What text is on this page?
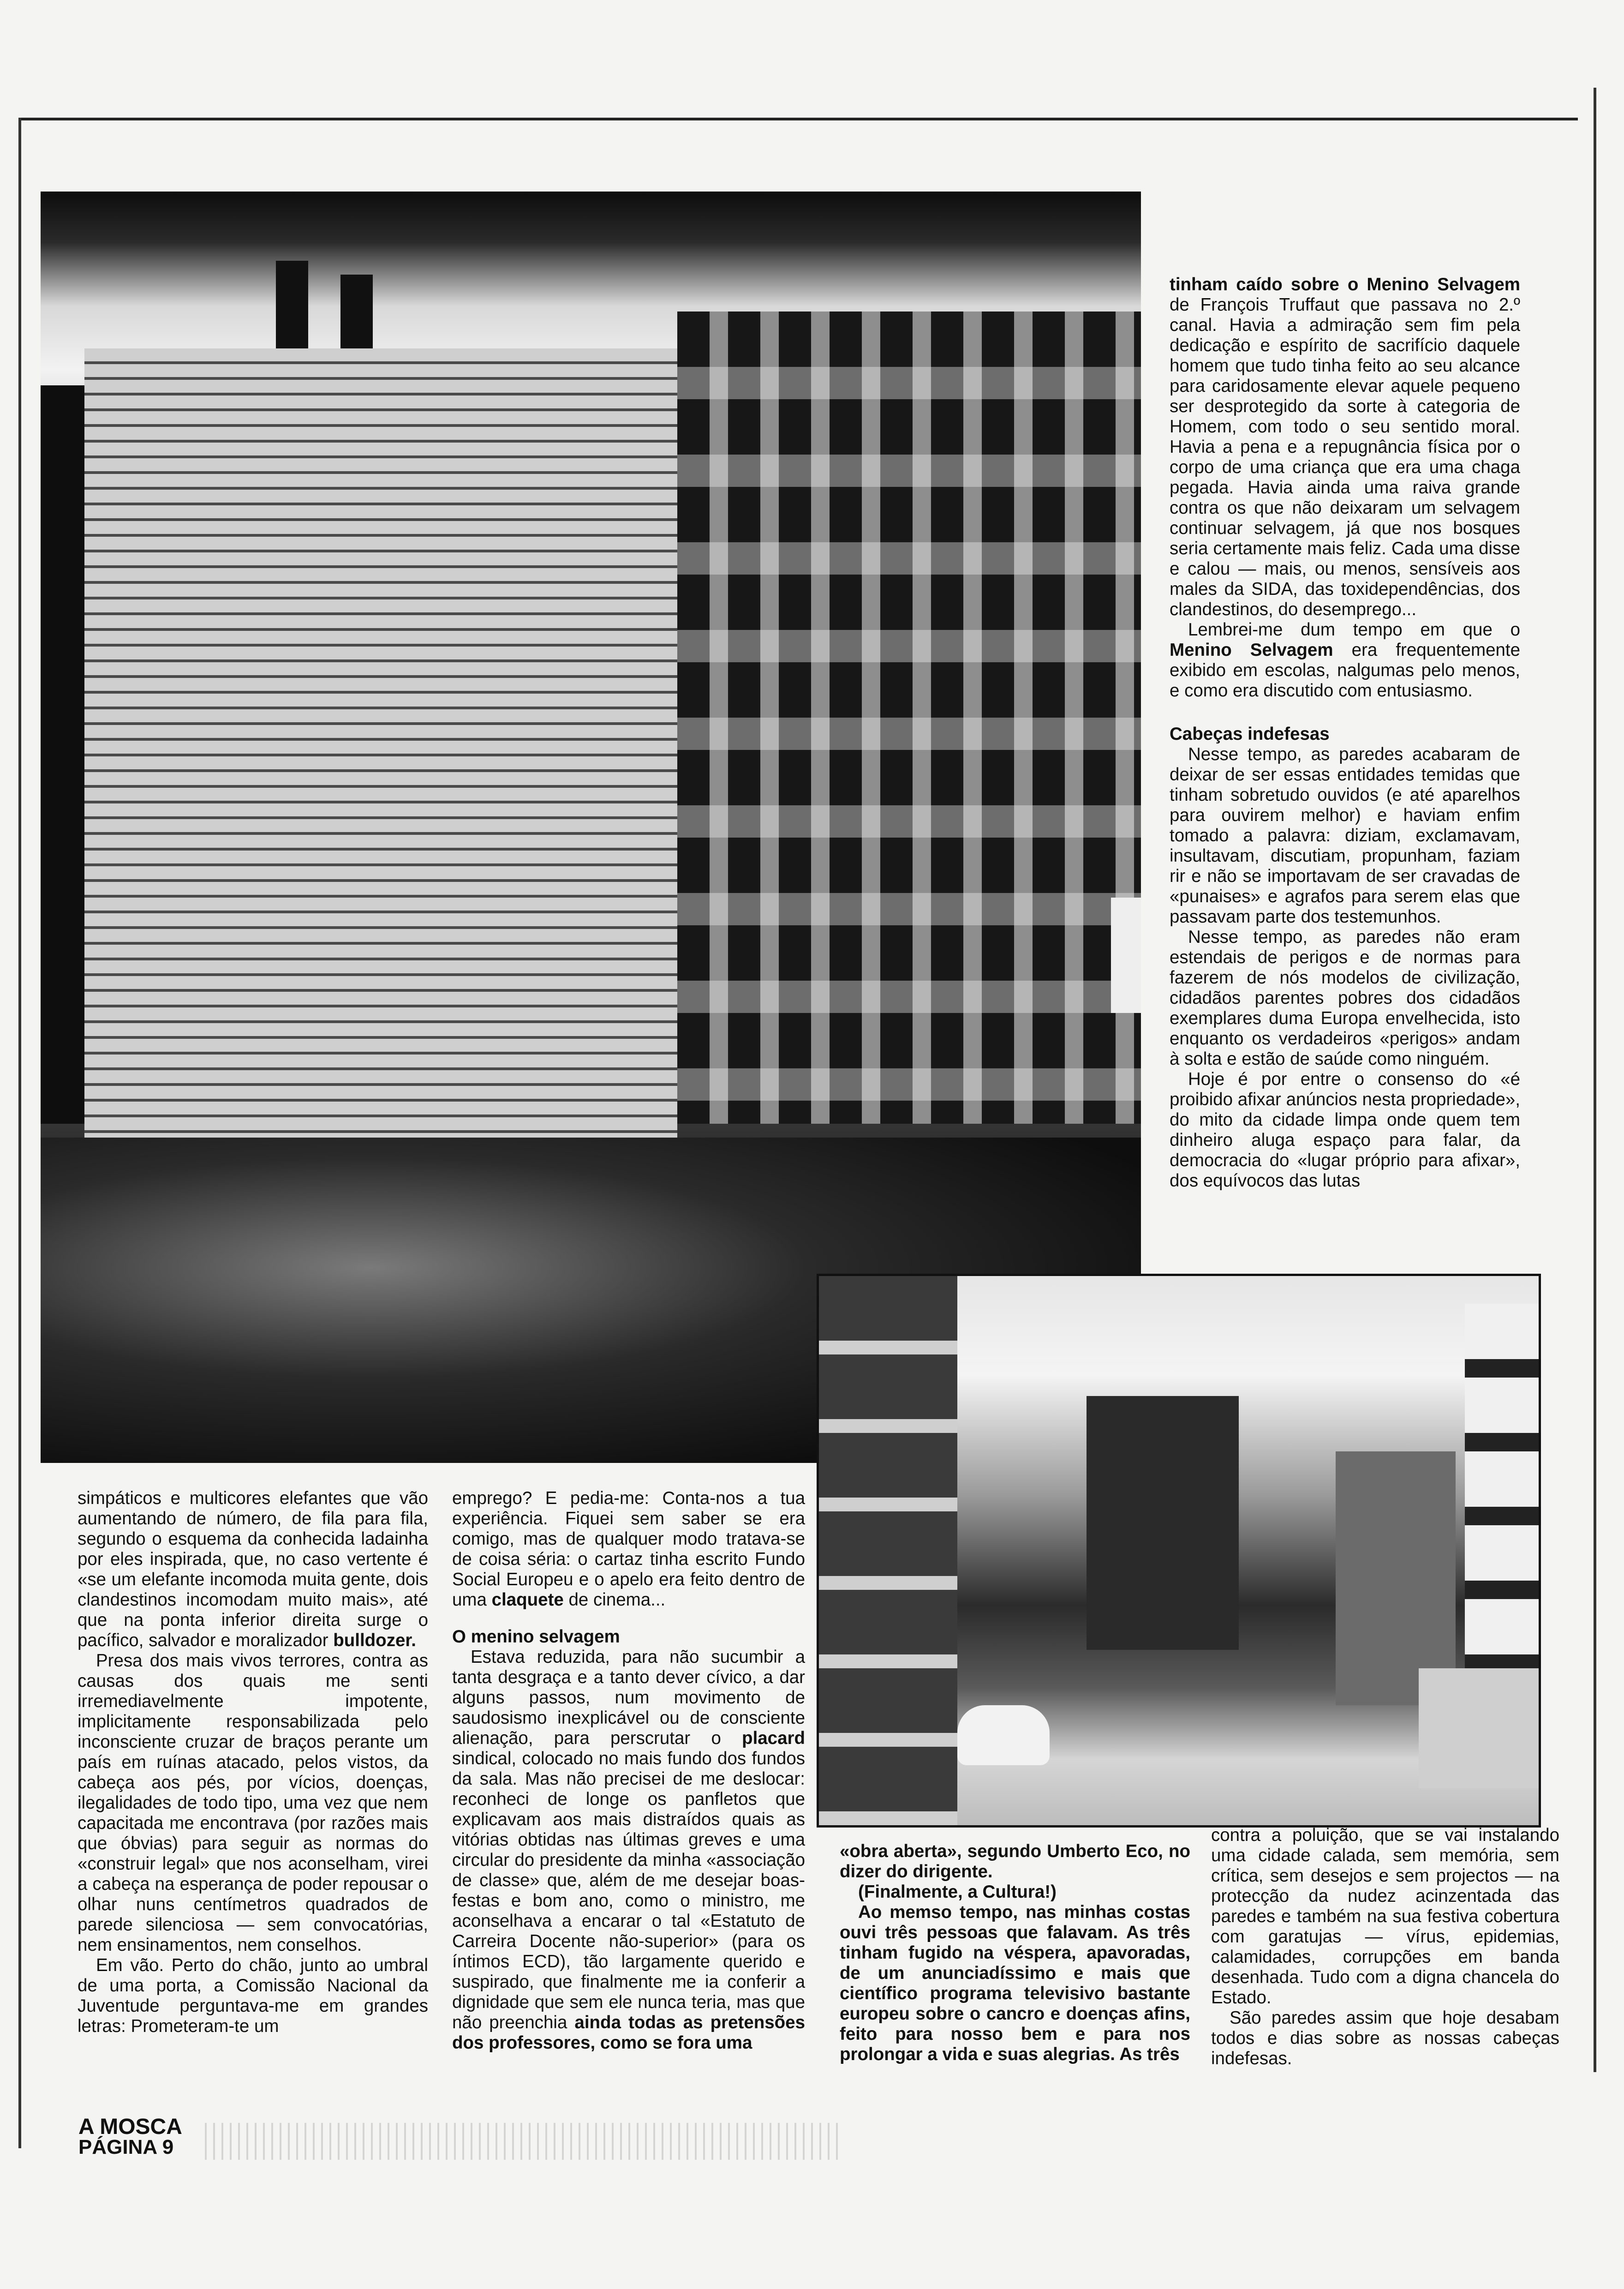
tinham caído sobre o Menino Selvagem de François Truffaut que passava no 2.º canal. Havia a admiração sem fim pela dedicação e espírito de sacrifício daquele homem que tudo tinha feito ao seu alcance para caridosamente elevar aquele pequeno ser desprotegido da sorte à categoria de Homem, com todo o seu sentido moral. Havia a pena e a repugnância física por o corpo de uma criança que era uma chaga pegada. Havia ainda uma raiva grande contra os que não deixaram um selvagem continuar selvagem, já que nos bosques seria certamente mais feliz. Cada uma disse e calou — mais, ou menos, sensíveis aos males da SIDA, das toxidependências, dos clandestinos, do desemprego...

Lembrei-me dum tempo em que o Menino Selvagem era frequentemente exibido em escolas, nalgumas pelo menos, e como era discutido com entusiasmo.

Cabeças indefesas

Nesse tempo, as paredes acabaram de deixar de ser essas entidades temidas que tinham sobretudo ouvidos (e até aparelhos para ouvirem melhor) e haviam enfim tomado a palavra: diziam, exclamavam, insultavam, discutiam, propunham, faziam rir e não se importavam de ser cravadas de «punaises» e agrafos para serem elas que passavam parte dos testemunhos.

Nesse tempo, as paredes não eram estendais de perigos e de normas para fazerem de nós modelos de civilização, cidadãos parentes pobres dos cidadãos exemplares duma Europa envelhecida, isto enquanto os verdadeiros «perigos» andam à solta e estão de saúde como ninguém.

Hoje é por entre o consenso do «é proibido afixar anúncios nesta propriedade», do mito da cidade limpa onde quem tem dinheiro aluga espaço para falar, da democracia do «lugar próprio para afixar», dos equívocos das lutas

simpáticos e multicores elefantes que vão aumentando de número, de fila para fila, segundo o esquema da conhecida ladainha por eles inspirada, que, no caso vertente é «se um elefante incomoda muita gente, dois clandestinos incomodam muito mais», até que na ponta inferior direita surge o pacífico, salvador e moralizador bulldozer.

Presa dos mais vivos terrores, contra as causas dos quais me senti irremediavelmente impotente, implicitamente responsabilizada pelo inconsciente cruzar de braços perante um país em ruínas atacado, pelos vistos, da cabeça aos pés, por vícios, doenças, ilegalidades de todo tipo, uma vez que nem capacitada me encontrava (por razões mais que óbvias) para seguir as normas do «construir legal» que nos aconselham, virei a cabeça na esperança de poder repousar o olhar nuns centímetros quadrados de parede silenciosa — sem convocatórias, nem ensinamentos, nem conselhos.

Em vão. Perto do chão, junto ao umbral de uma porta, a Comissão Nacional da Juventude perguntava-me em grandes letras: Prometeram-te um

emprego? E pedia-me: Conta-nos a tua experiência. Fiquei sem saber se era comigo, mas de qualquer modo tratava-se de coisa séria: o cartaz tinha escrito Fundo Social Europeu e o apelo era feito dentro de uma claquete de cinema...

O menino selvagem

Estava reduzida, para não sucumbir a tanta desgraça e a tanto dever cívico, a dar alguns passos, num movimento de saudosismo inexplicável ou de consciente alienação, para perscrutar o placard sindical, colocado no mais fundo dos fundos da sala. Mas não precisei de me deslocar: reconheci de longe os panfletos que explicavam aos mais distraídos quais as vitórias obtidas nas últimas greves e uma circular do presidente da minha «associação de classe» que, além de me desejar boas-festas e bom ano, como o ministro, me aconselhava a encarar o tal «Estatuto de Carreira Docente não-superior» (para os íntimos ECD), tão largamente querido e suspirado, que finalmente me ia conferir a dignidade que sem ele nunca teria, mas que não preenchia ainda todas as pretensões dos professores, como se fora uma

«obra aberta», segundo Umberto Eco, no dizer do dirigente.

(Finalmente, a Cultura!)

Ao memso tempo, nas minhas costas ouvi três pessoas que falavam. As três tinham fugido na véspera, apavoradas, de um anunciadíssimo e mais que científico programa televisivo bastante europeu sobre o cancro e doenças afins, feito para nosso bem e para nos prolongar a vida e suas alegrias. As três

contra a poluição, que se vai instalando uma cidade calada, sem memória, sem crítica, sem desejos e sem projectos — na protecção da nudez acinzentada das paredes e também na sua festiva cobertura com garatujas — vírus, epidemias, calamidades, corrupções em banda desenhada. Tudo com a digna chancela do Estado.

São paredes assim que hoje desabam todos e dias sobre as nossas cabeças indefesas.

A MOSCA
PÁGINA 9
